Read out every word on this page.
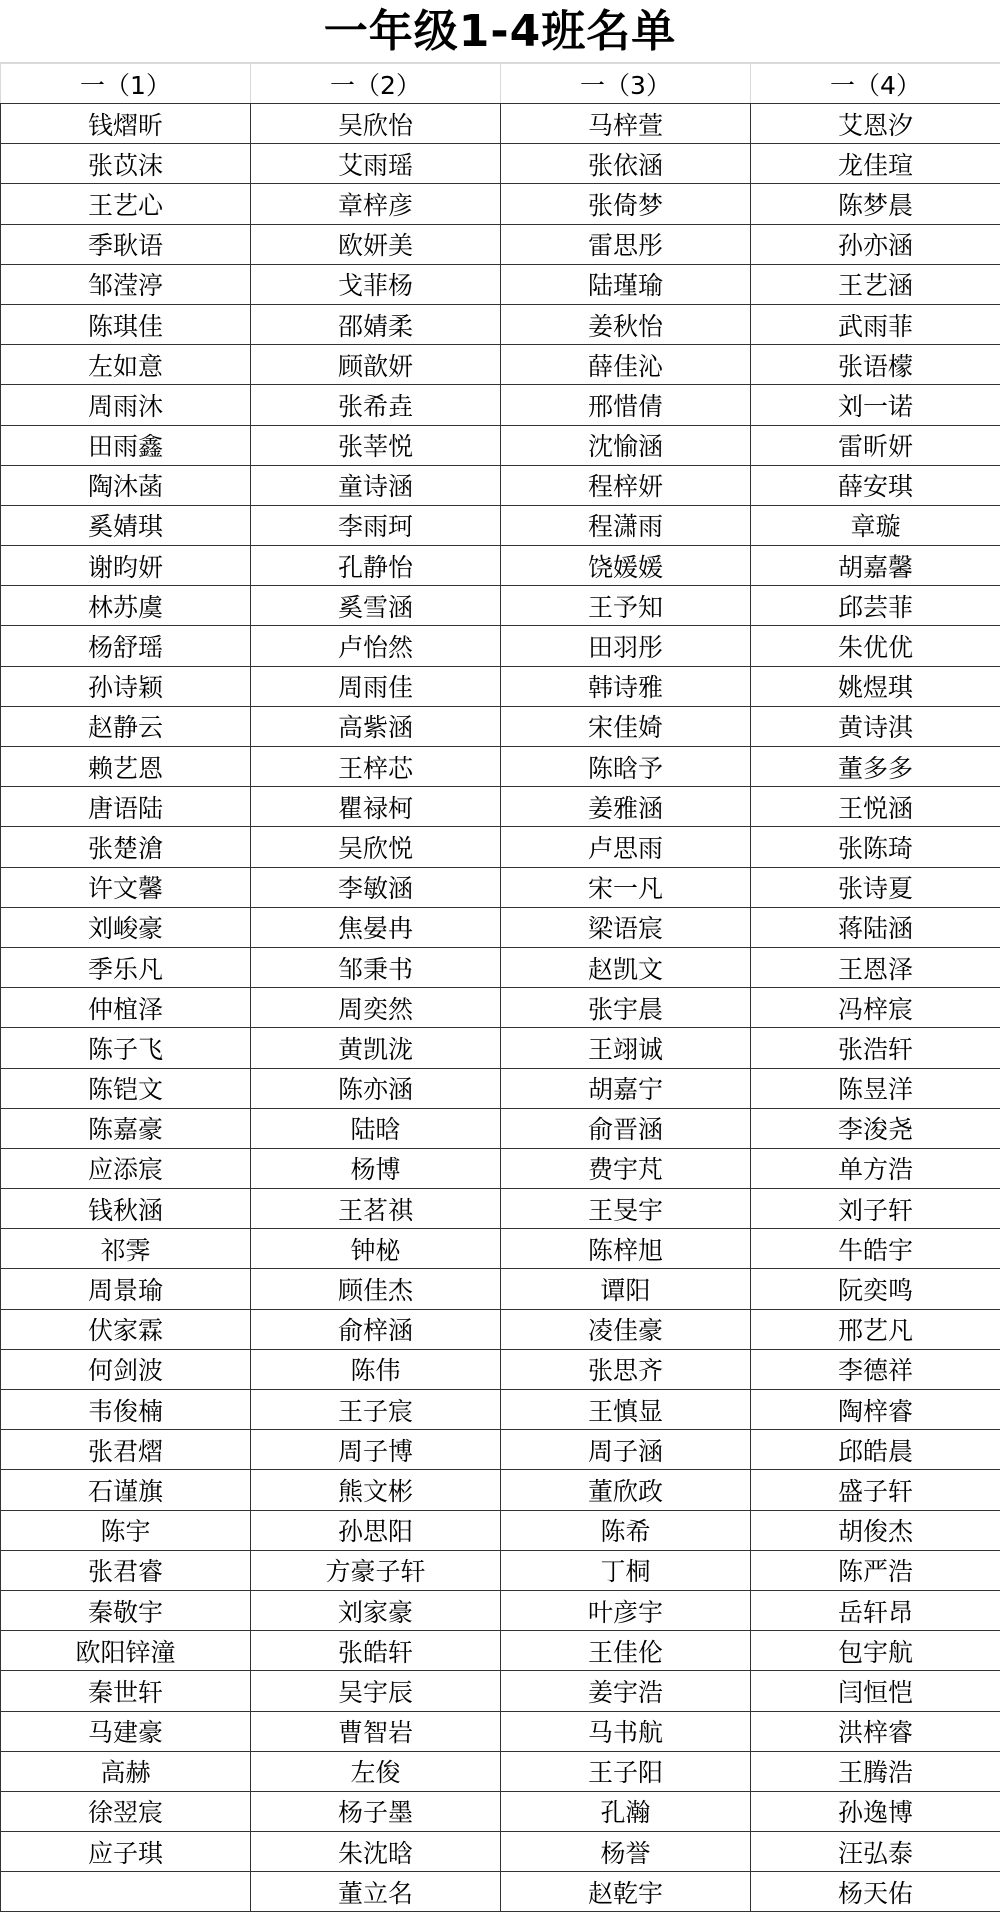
一年级1-4班名单
一（1）	一（2）	一（3）	一（4）
钱熠昕	吴欣怡	马梓萱	艾恩汐
张苡沫	艾雨瑶	张依涵	龙佳瑄
王艺心	章梓彦	张倚梦	陈梦晨
季耿语	欧妍美	雷思彤	孙亦涵
邹滢渟	戈菲杨	陆瑾瑜	王艺涵
陈琪佳	邵婧柔	姜秋怡	武雨菲
左如意	顾歆妍	薛佳沁	张语檬
周雨沐	张希垚	邢惜倩	刘一诺
田雨鑫	张莘悦	沈愉涵	雷昕妍
陶沐菡	童诗涵	程梓妍	薛安琪
奚婧琪	李雨珂	程潇雨	章璇
谢昀妍	孔静怡	饶媛媛	胡嘉馨
林苏虞	奚雪涵	王予知	邱芸菲
杨舒瑶	卢怡然	田羽彤	朱优优
孙诗颖	周雨佳	韩诗雅	姚煜琪
赵静云	高紫涵	宋佳婍	黄诗淇
赖艺恩	王梓芯	陈晗予	董多多
唐语陆	瞿禄柯	姜雅涵	王悦涵
张楚滄	吴欣悦	卢思雨	张陈琦
许文馨	李敏涵	宋一凡	张诗夏
刘峻豪	焦晏冉	梁语宸	蒋陆涵
季乐凡	邹秉书	赵凯文	王恩泽
仲椬泽	周奕然	张宇晨	冯梓宸
陈子飞	黄凯泷	王翊诚	张浩轩
陈铠文	陈亦涵	胡嘉宁	陈昱洋
陈嘉豪	陆晗	俞晋涵	李浚尧
应添宸	杨博	费宇芃	单方浩
钱秋涵	王茗祺	王旻宇	刘子轩
祁霁	钟柲	陈梓旭	牛皓宇
周景瑜	顾佳杰	谭阳	阮奕鸣
伏家霖	俞梓涵	凌佳豪	邢艺凡
何剑波	陈伟	张思齐	李德祥
韦俊楠	王子宸	王慎显	陶梓睿
张君熠	周子博	周子涵	邱皓晨
石谨旗	熊文彬	董欣政	盛子轩
陈宇	孙思阳	陈希	胡俊杰
张君睿	方豪子轩	丁桐	陈严浩
秦敬宇	刘家豪	叶彦宇	岳轩昂
欧阳锌潼	张皓轩	王佳伦	包宇航
秦世轩	吴宇辰	姜宇浩	闫恒恺
马建豪	曹智岩	马书航	洪梓睿
高赫	左俊	王子阳	王腾浩
徐翌宸	杨子墨	孔瀚	孙逸博
应子琪	朱沈晗	杨誉	汪弘泰
	董立名	赵乾宇	杨天佑
